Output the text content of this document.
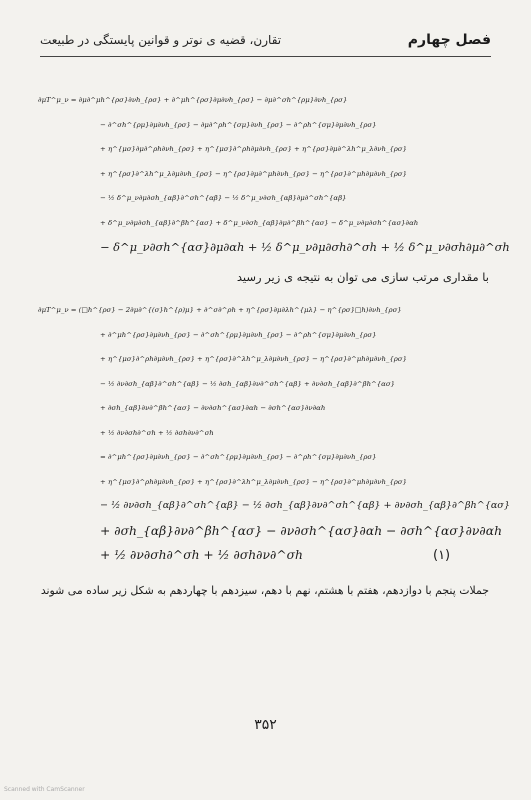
فصل چهارم
تقارن، قضیه ی نوتر و قوانین پایستگی در طبیعت
∂μT^μ_ν = ∂μ∂^μh^{ρσ}∂νh_{ρσ} + ∂^μh^{ρσ}∂μ∂νh_{ρσ} − ∂μ∂^σh^{ρμ}∂νh_{ρσ}
− ∂^σh^{ρμ}∂μ∂νh_{ρσ} − ∂μ∂^ρh^{σμ}∂νh_{ρσ} − ∂^ρh^{σμ}∂μ∂νh_{ρσ}
+ η^{μσ}∂μ∂^ρh∂νh_{ρσ} + η^{μσ}∂^ρh∂μ∂νh_{ρσ} + η^{ρσ}∂μ∂^λh^μ_λ∂νh_{ρσ}
+ η^{ρσ}∂^λh^μ_λ∂μ∂νh_{ρσ} − η^{ρσ}∂μ∂^μh∂νh_{ρσ} − η^{ρσ}∂^μh∂μ∂νh_{ρσ}
− ½ δ^μ_ν∂μ∂σh_{αβ}∂^σh^{αβ} − ½ δ^μ_ν∂σh_{αβ}∂μ∂^σh^{αβ}
+ δ^μ_ν∂μ∂σh_{αβ}∂^βh^{ασ} + δ^μ_ν∂σh_{αβ}∂μ∂^βh^{ασ} − δ^μ_ν∂μ∂σh^{ασ}∂αh
− δ^μ_ν∂σh^{ασ}∂μ∂αh + ½ δ^μ_ν∂μ∂σh∂^σh + ½ δ^μ_ν∂σh∂μ∂^σh
با مقداری مرتب سازی می توان به نتیجه ی زیر رسید
∂μT^μ_ν = (□h^{ρσ} − 2∂μ∂^{(σ}h^{ρ)μ} + ∂^σ∂^ρh + η^{ρσ}∂μ∂λh^{μλ} − η^{ρσ}□h)∂νh_{ρσ}
+ ∂^μh^{ρσ}∂μ∂νh_{ρσ} − ∂^σh^{ρμ}∂μ∂νh_{ρσ} − ∂^ρh^{σμ}∂μ∂νh_{ρσ}
+ η^{μσ}∂^ρh∂μ∂νh_{ρσ} + η^{ρσ}∂^λh^μ_λ∂μ∂νh_{ρσ} − η^{ρσ}∂^μh∂μ∂νh_{ρσ}
− ½ ∂ν∂σh_{αβ}∂^σh^{αβ} − ½ ∂σh_{αβ}∂ν∂^σh^{αβ} + ∂ν∂σh_{αβ}∂^βh^{ασ}
+ ∂σh_{αβ}∂ν∂^βh^{ασ} − ∂ν∂σh^{ασ}∂αh − ∂σh^{ασ}∂ν∂αh
+ ½ ∂ν∂σh∂^σh + ½ ∂σh∂ν∂^σh
= ∂^μh^{ρσ}∂μ∂νh_{ρσ} − ∂^σh^{ρμ}∂μ∂νh_{ρσ} − ∂^ρh^{σμ}∂μ∂νh_{ρσ}
+ η^{μσ}∂^ρh∂μ∂νh_{ρσ} + η^{ρσ}∂^λh^μ_λ∂μ∂νh_{ρσ} − η^{ρσ}∂^μh∂μ∂νh_{ρσ}
− ½ ∂ν∂σh_{αβ}∂^σh^{αβ} − ½ ∂σh_{αβ}∂ν∂^σh^{αβ} + ∂ν∂σh_{αβ}∂^βh^{ασ}
+ ∂σh_{αβ}∂ν∂^βh^{ασ} − ∂ν∂σh^{ασ}∂αh − ∂σh^{ασ}∂ν∂αh
+ ½ ∂ν∂σh∂^σh + ½ ∂σh∂ν∂^σh	(۱)
جملات پنجم با دوازدهم، هفتم با هشتم، نهم با دهم، سیزدهم با چهاردهم به شکل زیر ساده می شوند
۳۵۲
Scanned with CamScanner
